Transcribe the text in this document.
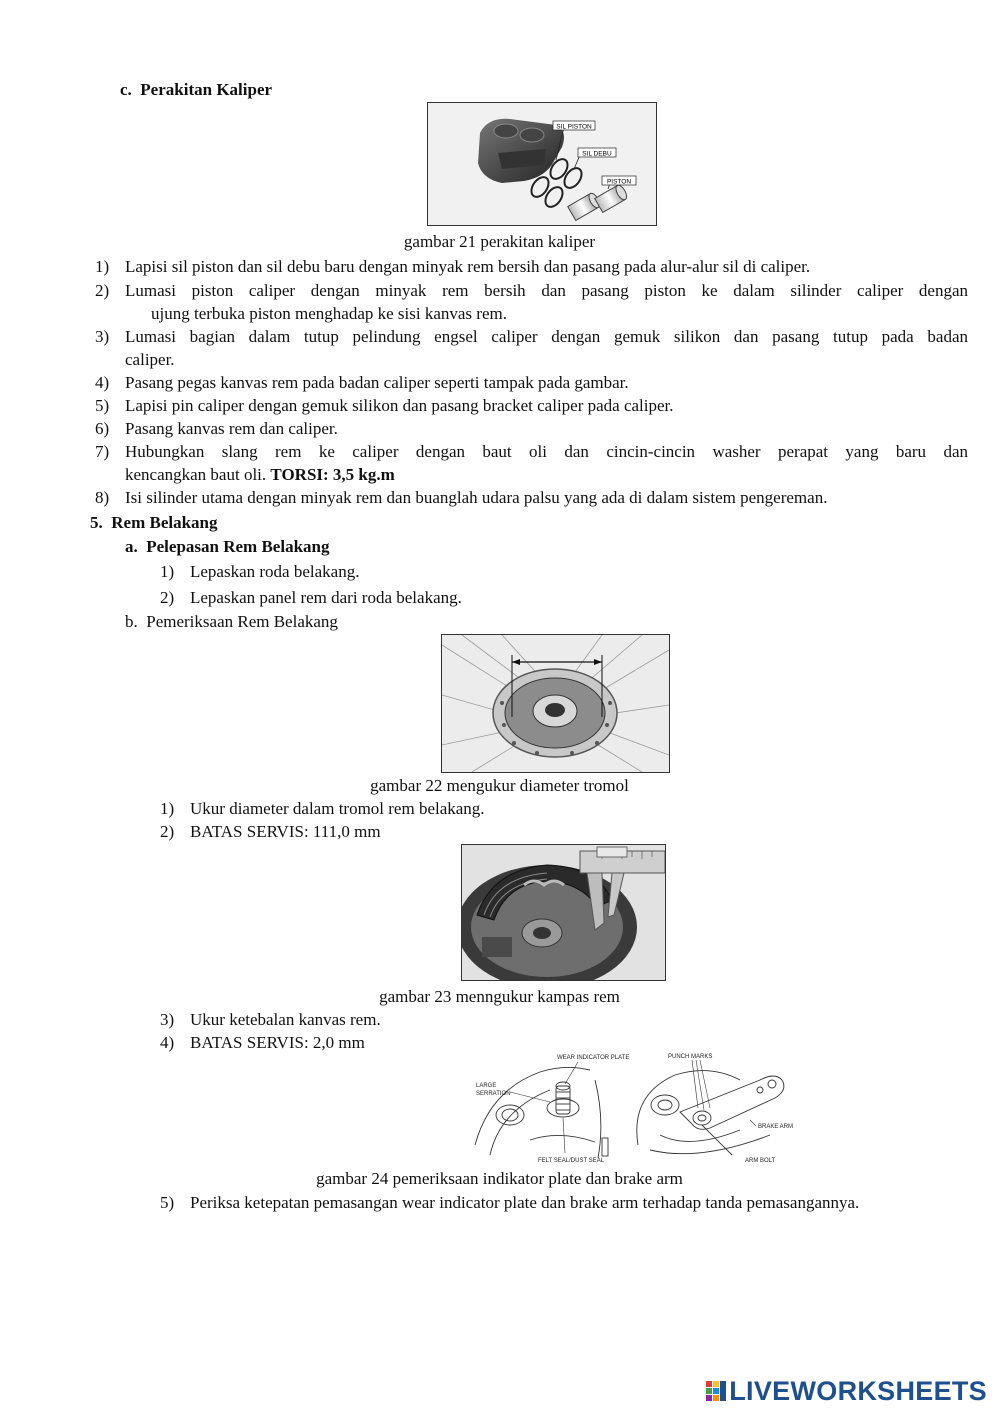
c. Perakitan Kaliper
SIL PISTON
SIL DEBU
PISTON
gambar 21 perakitan kaliper
1) Lapisi sil piston dan sil debu baru dengan minyak rem bersih dan pasang pada alur-alur sil di caliper.
2) Lumasi piston caliper dengan minyak rem bersih dan pasang piston ke dalam silinder caliper dengan
ujung terbuka piston menghadap ke sisi kanvas rem.
3) Lumasi bagian dalam tutup pelindung engsel caliper dengan gemuk silikon dan pasang tutup pada badan
caliper.
4) Pasang pegas kanvas rem pada badan caliper seperti tampak pada gambar.
5) Lapisi pin caliper dengan gemuk silikon dan pasang bracket caliper pada caliper.
6) Pasang kanvas rem dan caliper.
7) Hubungkan slang rem ke caliper dengan baut oli dan cincin-cincin washer perapat yang baru dan
kencangkan baut oli. TORSI: 3,5 kg.m
8) Isi silinder utama dengan minyak rem dan buanglah udara palsu yang ada di dalam sistem pengereman.
5. Rem Belakang
a. Pelepasan Rem Belakang
1) Lepaskan roda belakang.
2) Lepaskan panel rem dari roda belakang.
b. Pemeriksaan Rem Belakang
gambar 22 mengukur diameter tromol
1) Ukur diameter dalam tromol rem belakang.
2) BATAS SERVIS: 111,0 mm
gambar 23 menngukur kampas rem
3) Ukur ketebalan kanvas rem.
4) BATAS SERVIS: 2,0 mm
WEAR INDICATOR PLATE
LARGE
SERRATION
FELT SEAL/DUST SEAL
PUNCH MARKS
BRAKE ARM
ARM BOLT
gambar 24 pemeriksaan indikator plate dan brake arm
5) Periksa ketepatan pemasangan wear indicator plate dan brake arm terhadap tanda pemasangannya.
LIVEWORKSHEETS
